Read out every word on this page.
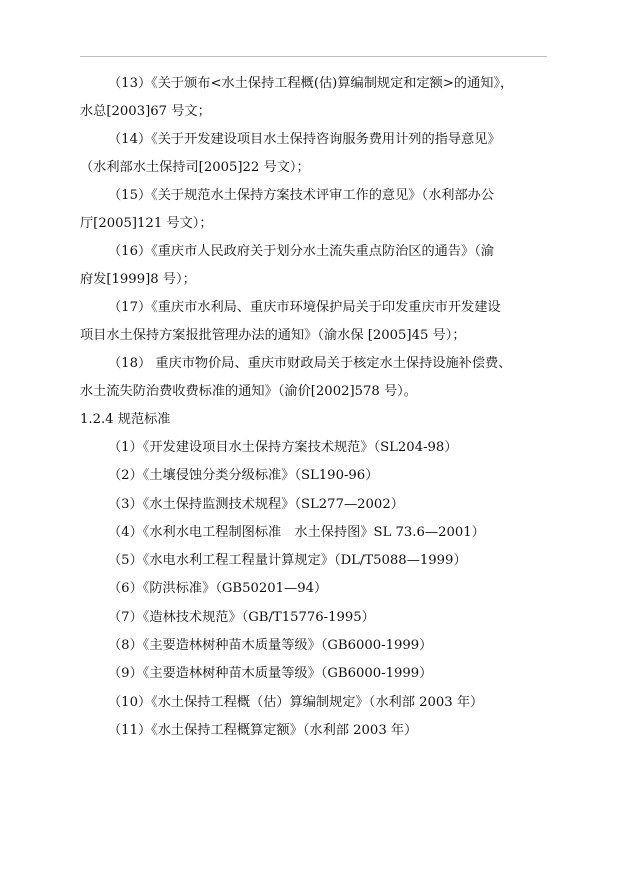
（13）《关于颁布<水土保持工程概(估)算编制规定和定额>的通知》，
水总[2003]67 号文；
（14）《关于开发建设项目水土保持咨询服务费用计列的指导意见》
（水利部水土保持司[2005]22 号文）；
（15）《关于规范水土保持方案技术评审工作的意见》（水利部办公
厅[2005]121 号文）；
（16）《重庆市人民政府关于划分水土流失重点防治区的通告》（渝
府发[1999]8 号）；
（17）《重庆市水利局、重庆市环境保护局关于印发重庆市开发建设
项目水土保持方案报批管理办法的通知》（渝水保 [2005]45 号）；
（18） 重庆市物价局、重庆市财政局关于核定水土保持设施补偿费、
水土流失防治费收费标准的通知》（渝价[2002]578 号）。
1.2.4 规范标准
（1）《开发建设项目水土保持方案技术规范》（SL204-98）
（2）《土壤侵蚀分类分级标准》（SL190-96）
（3）《水土保持监测技术规程》（SL277—2002）
（4）《水利水电工程制图标准　水土保持图》SL 73.6—2001）
（5）《水电水利工程工程量计算规定》（DL/T5088—1999）
（6）《防洪标准》（GB50201—94）
（7）《造林技术规范》（GB/T15776-1995）
（8）《主要造林树种苗木质量等级》（GB6000-1999）
（9）《主要造林树种苗木质量等级》（GB6000-1999）
（10）《水土保持工程概（估）算编制规定》（水利部 2003 年）
（11）《水土保持工程概算定额》（水利部 2003 年）
